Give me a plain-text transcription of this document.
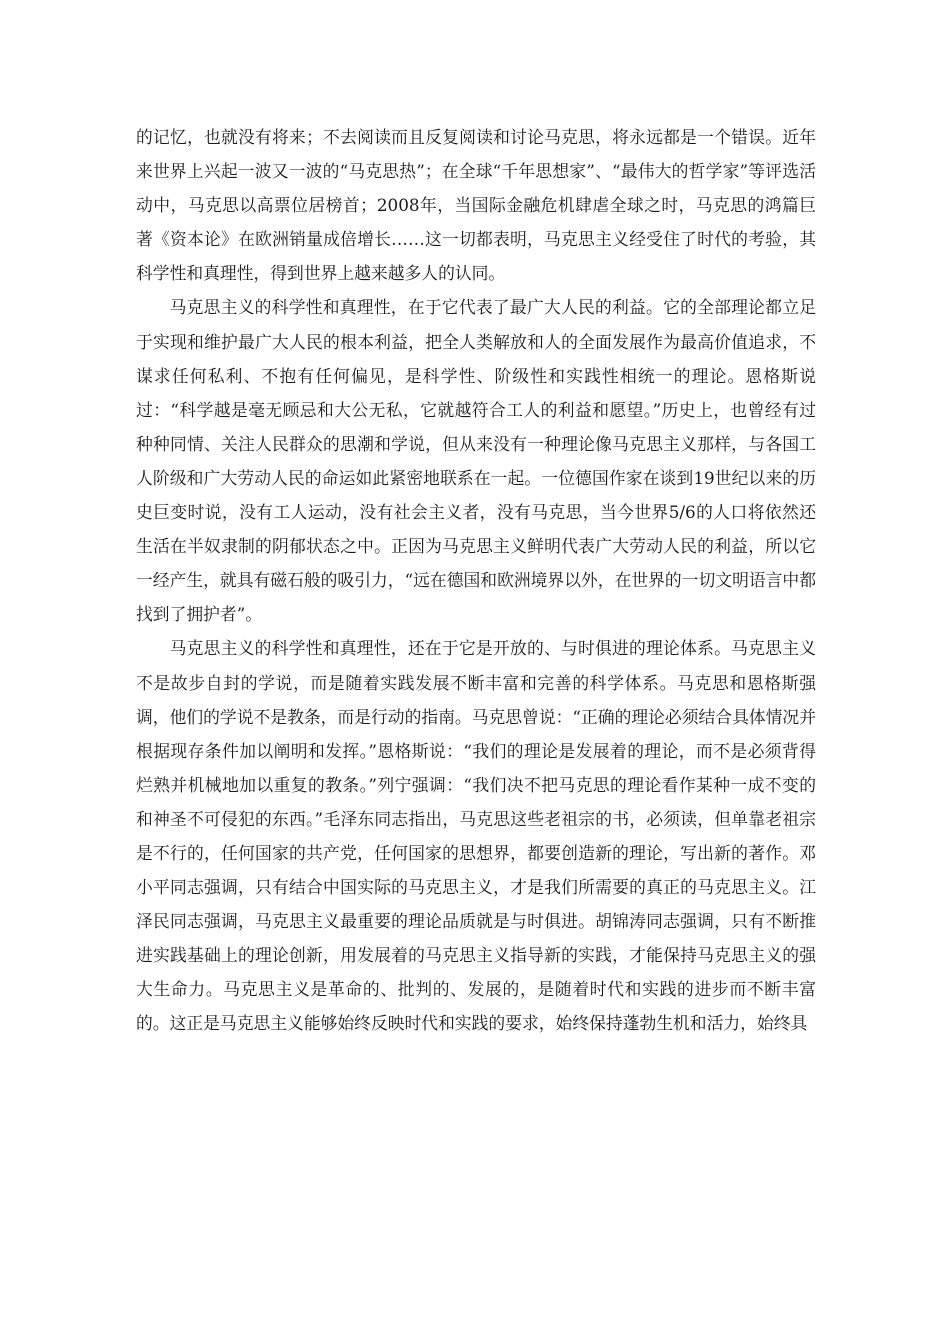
的记忆，也就没有将来；不去阅读而且反复阅读和讨论马克思，将永远都是一个错误。近年来世界上兴起一波又一波的“马克思热”；在全球“千年思想家”、“最伟大的哲学家”等评选活动中，马克思以高票位居榜首；2008年，当国际金融危机肆虐全球之时，马克思的鸿篇巨著《资本论》在欧洲销量成倍增长……这一切都表明，马克思主义经受住了时代的考验，其科学性和真理性，得到世界上越来越多人的认同。

马克思主义的科学性和真理性，在于它代表了最广大人民的利益。它的全部理论都立足于实现和维护最广大人民的根本利益，把全人类解放和人的全面发展作为最高价值追求，不谋求任何私利、不抱有任何偏见，是科学性、阶级性和实践性相统一的理论。恩格斯说过：“科学越是毫无顾忌和大公无私，它就越符合工人的利益和愿望。”历史上，也曾经有过种种同情、关注人民群众的思潮和学说，但从来没有一种理论像马克思主义那样，与各国工人阶级和广大劳动人民的命运如此紧密地联系在一起。一位德国作家在谈到19世纪以来的历史巨变时说，没有工人运动，没有社会主义者，没有马克思，当今世界5/6的人口将依然还生活在半奴隶制的阴郁状态之中。正因为马克思主义鲜明代表广大劳动人民的利益，所以它一经产生，就具有磁石般的吸引力，“远在德国和欧洲境界以外，在世界的一切文明语言中都找到了拥护者”。

马克思主义的科学性和真理性，还在于它是开放的、与时俱进的理论体系。马克思主义不是故步自封的学说，而是随着实践发展不断丰富和完善的科学体系。马克思和恩格斯强调，他们的学说不是教条，而是行动的指南。马克思曾说：“正确的理论必须结合具体情况并根据现存条件加以阐明和发挥。”恩格斯说：“我们的理论是发展着的理论，而不是必须背得烂熟并机械地加以重复的教条。”列宁强调：“我们决不把马克思的理论看作某种一成不变的和神圣不可侵犯的东西。”毛泽东同志指出，马克思这些老祖宗的书，必须读，但单靠老祖宗是不行的，任何国家的共产党，任何国家的思想界，都要创造新的理论，写出新的著作。邓小平同志强调，只有结合中国实际的马克思主义，才是我们所需要的真正的马克思主义。江泽民同志强调，马克思主义最重要的理论品质就是与时俱进。胡锦涛同志强调，只有不断推进实践基础上的理论创新，用发展着的马克思主义指导新的实践，才能保持马克思主义的强大生命力。马克思主义是革命的、批判的、发展的，是随着时代和实践的进步而不断丰富的。这正是马克思主义能够始终反映时代和实践的要求，始终保持蓬勃生机和活力，始终具
